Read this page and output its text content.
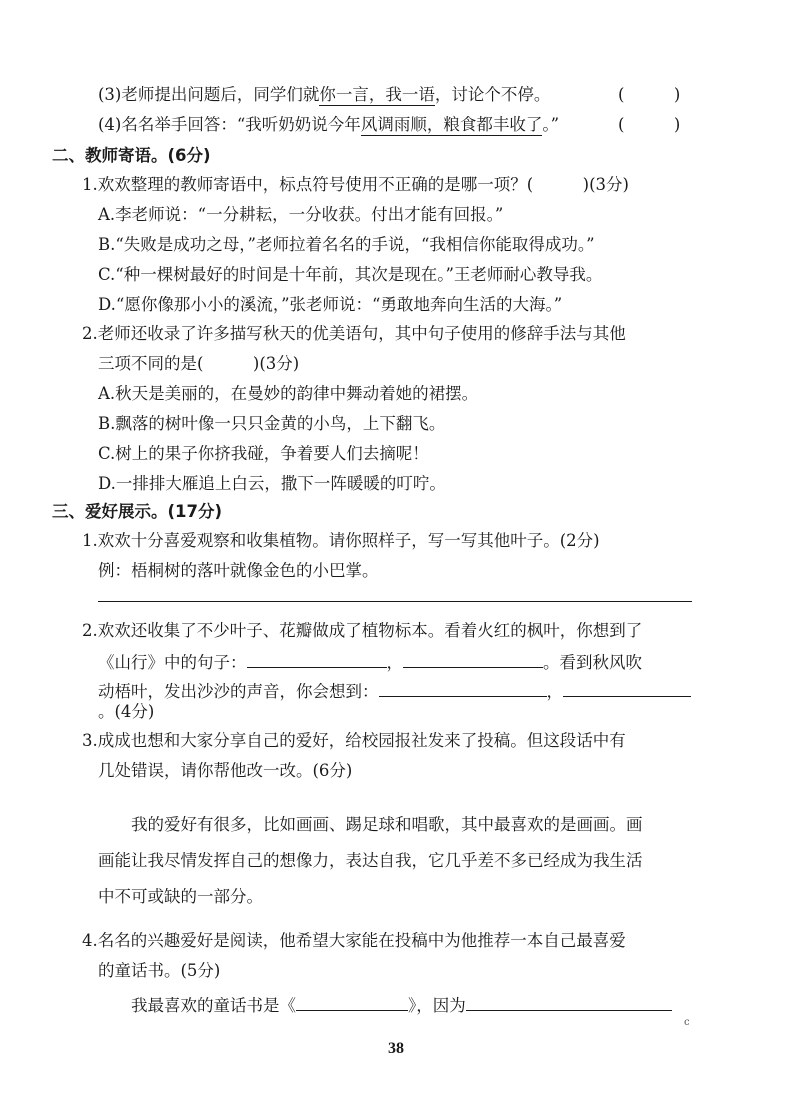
(3)老师提出问题后，同学们就你一言，我一语，讨论个不停。	(　　　)
(4)名名举手回答：“我听奶奶说今年风调雨顺，粮食都丰收了。”	(　　　)
二、教师寄语。(6分)
1.欢欢整理的教师寄语中，标点符号使用不正确的是哪一项？(　　　)(3分)
A.李老师说：“一分耕耘，一分收获。付出才能有回报。”
B.“失败是成功之母，”老师拉着名名的手说，“我相信你能取得成功。”
C.“种一棵树最好的时间是十年前，其次是现在。”王老师耐心教导我。
D.“愿你像那小小的溪流，”张老师说：“勇敢地奔向生活的大海。”
2.老师还收录了许多描写秋天的优美语句，其中句子使用的修辞手法与其他
三项不同的是(　　　)(3分)
A.秋天是美丽的，在曼妙的韵律中舞动着她的裙摆。
B.飘落的树叶像一只只金黄的小鸟，上下翻飞。
C.树上的果子你挤我碰，争着要人们去摘呢！
D.一排排大雁追上白云，撒下一阵暖暖的叮咛。
三、爱好展示。(17分)
1.欢欢十分喜爱观察和收集植物。请你照样子，写一写其他叶子。(2分)
例：梧桐树的落叶就像金色的小巴掌。
2.欢欢还收集了不少叶子、花瓣做成了植物标本。看着火红的枫叶，你想到了
《山行》中的句子：	，	。看到秋风吹
动梧叶，发出沙沙的声音，你会想到：	，
。(4分)
3.成成也想和大家分享自己的爱好，给校园报社发来了投稿。但这段话中有
几处错误，请你帮他改一改。(6分)
我的爱好有很多，比如画画、踢足球和唱歌，其中最喜欢的是画画。画
画能让我尽情发挥自己的想像力，表达自我，它几乎差不多已经成为我生活
中不可或缺的一部分。
4.名名的兴趣爱好是阅读，他希望大家能在投稿中为他推荐一本自己最喜爱
的童话书。(5分)
我最喜欢的童话书是《	》，因为
c
38
